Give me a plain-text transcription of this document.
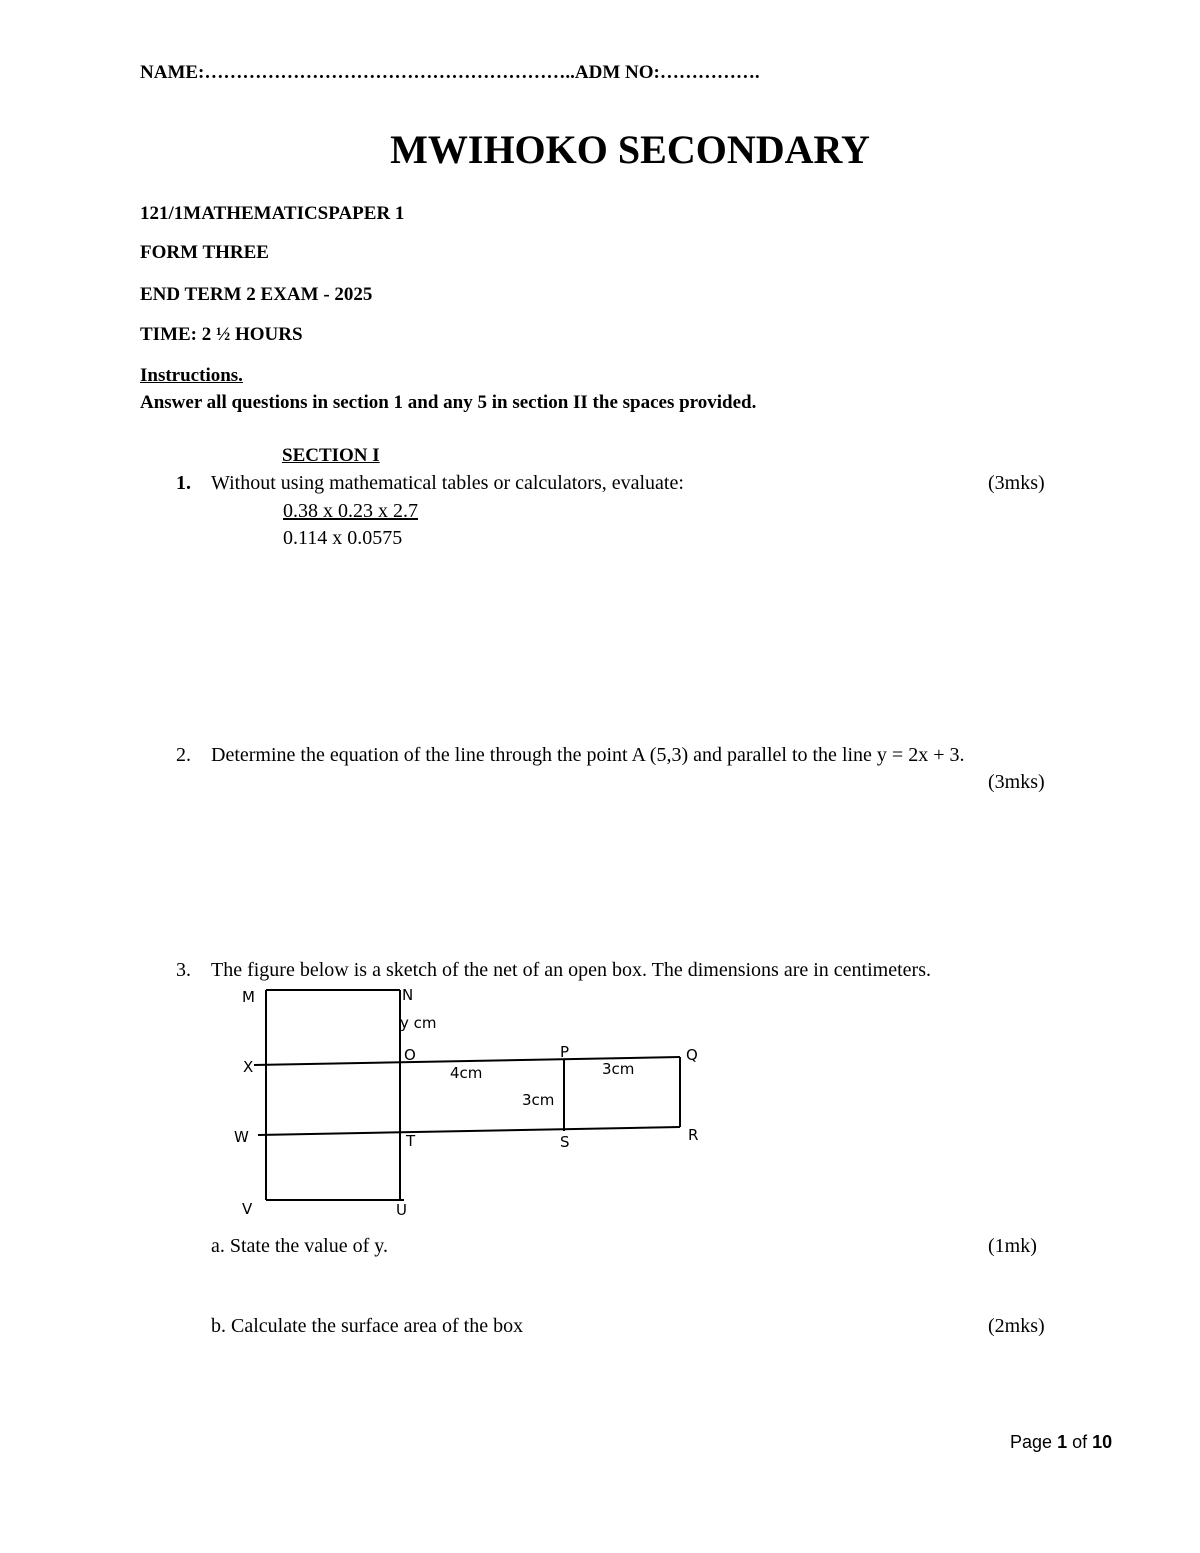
NAME:…………………………………………………..ADM NO:…………….
MWIHOKO SECONDARY
121/1MATHEMATICSPAPER 1
FORM THREE
END TERM 2 EXAM - 2025
TIME: 2 ½ HOURS
Instructions.
Answer all questions in section 1 and any 5 in section II the spaces provided.
SECTION I
1. Without using mathematical tables or calculators, evaluate:	(3mks)
0.38 x 0.23 x 2.7
0.114 x 0.0575
2. Determine the equation of the line through the point A (5,3) and parallel to the line y = 2x + 3.
(3mks)
3. The figure below is a sketch of the net of an open box. The dimensions are in centimeters.
M	N
y cm
X
O
4cm
P
3cm
Q
3cm
W	T	S	R
V	U
a. State the value of y.	(1mk)
b. Calculate the surface area of the box	(2mks)
Page 1 of 10
